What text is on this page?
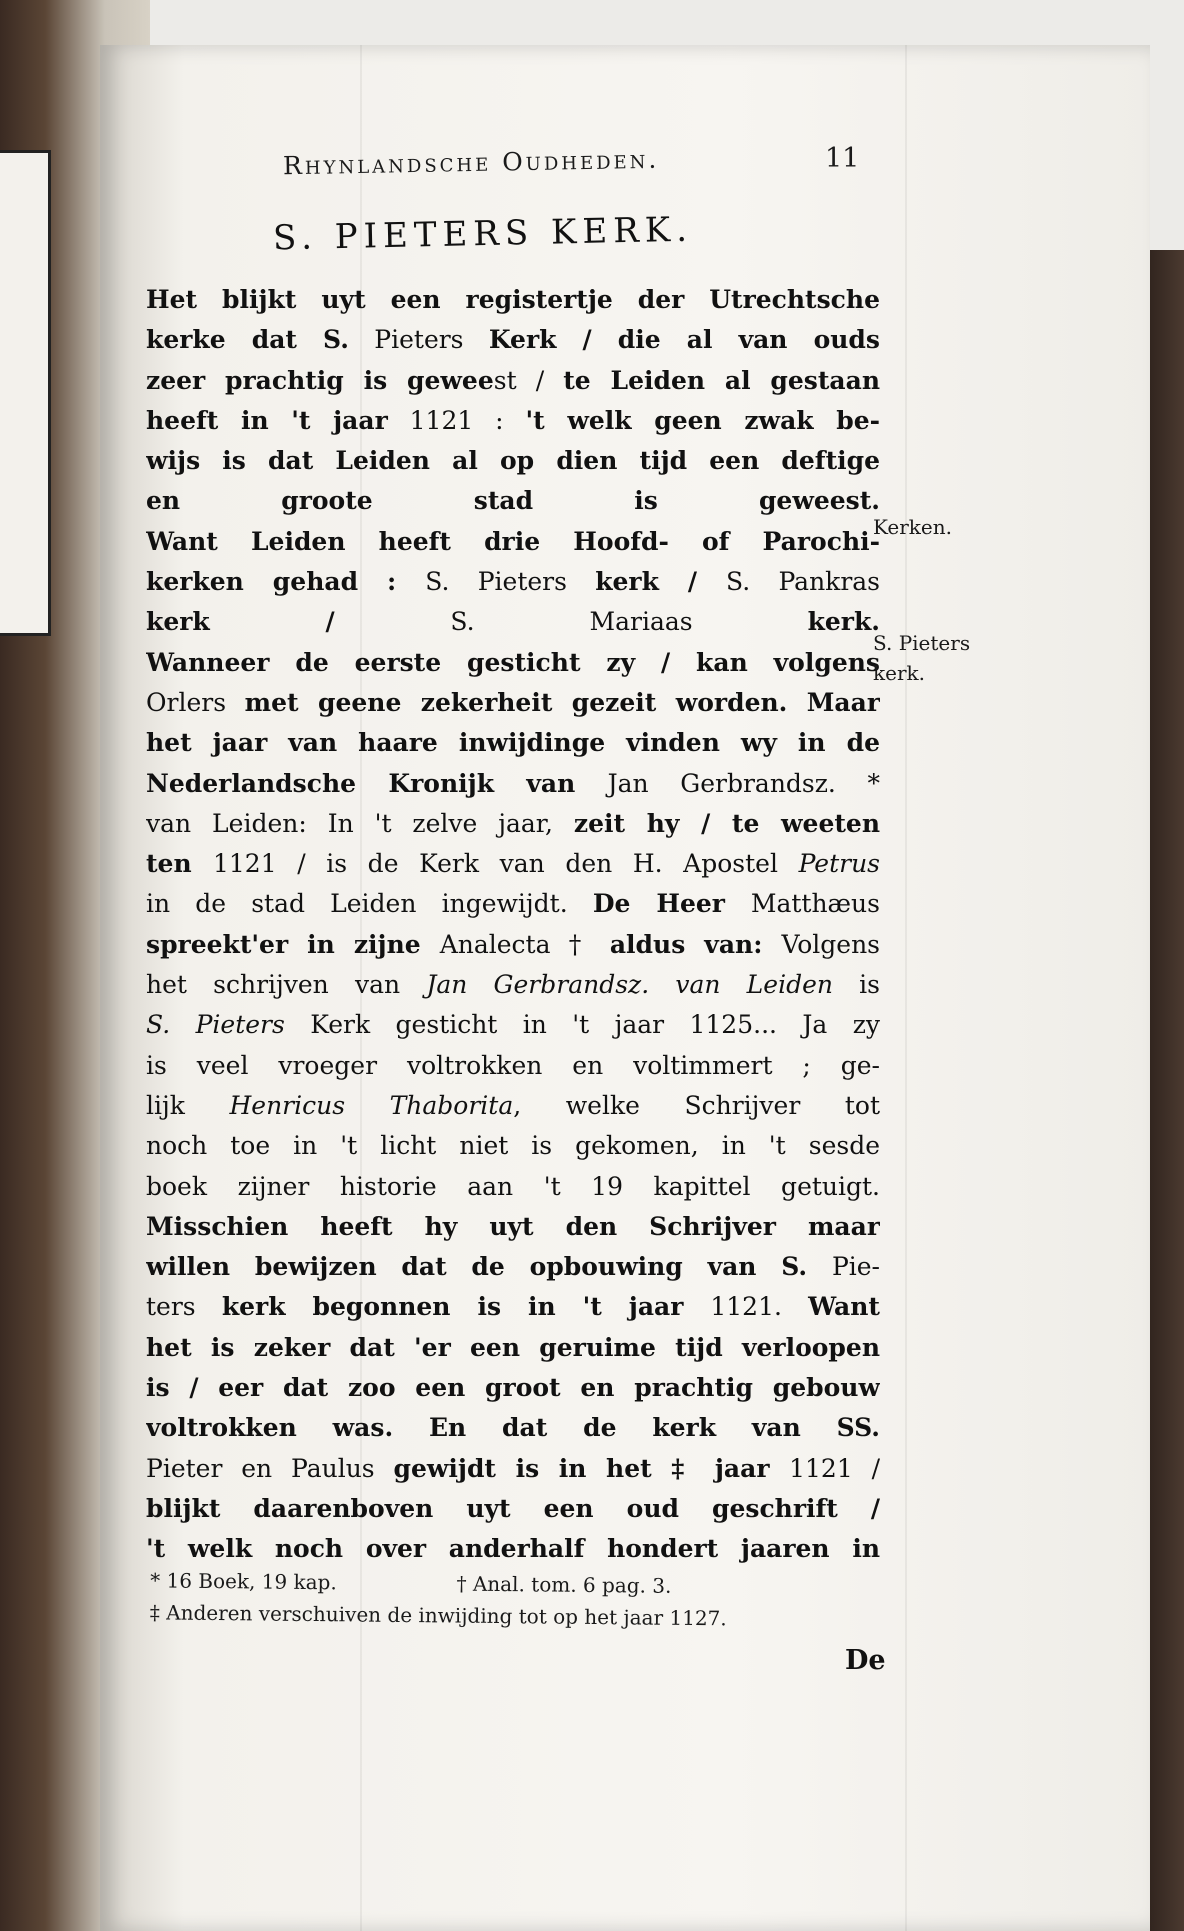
Rhynlandsche Oudheden.	11
S. PIETERS KERK.
Het blijkt uyt een registertje der Utrechtsche
kerke dat S. Pieters Kerk / die al van ouds
zeer prachtig is geweest / te Leiden al gestaan
heeft in 't jaar 1121 : 't welk geen zwak be-
wijs is dat Leiden al op dien tijd een deftige
en groote stad is geweest.
Want Leiden heeft drie Hoofd- of Parochi-
kerken gehad : S. Pieters kerk / S. Pankras
kerk / S. Mariaas kerk.
Wanneer de eerste gesticht zy / kan volgens
Orlers met geene zekerheit gezeit worden. Maar
het jaar van haare inwijdinge vinden wy in de
Nederlandsche Kronijk van Jan Gerbrandsz. *
van Leiden: In 't zelve jaar, zeit hy / te weeten
ten 1121 / is de Kerk van den H. Apostel Petrus
in de stad Leiden ingewijdt. De Heer Matthæus
spreekt'er in zijne Analecta † aldus van: Volgens
het schrijven van Jan Gerbrandsz. van Leiden is
S. Pieters Kerk gesticht in 't jaar 1125... Ja zy
is veel vroeger voltrokken en voltimmert ; ge-
lijk Henricus Thaborita, welke Schrijver tot
noch toe in 't licht niet is gekomen, in 't sesde
boek zijner historie aan 't 19 kapittel getuigt.
Misschien heeft hy uyt den Schrijver maar
willen bewijzen dat de opbouwing van S. Pie-
ters kerk begonnen is in 't jaar 1121. Want
het is zeker dat 'er een geruime tijd verloopen
is / eer dat zoo een groot en prachtig gebouw
voltrokken was. En dat de kerk van SS.
Pieter en Paulus gewijdt is in het ‡ jaar 1121 /
blijkt daarenboven uyt een oud geschrift /
't welk noch over anderhalf hondert jaaren in
Kerken.
S. Pieters
kerk.
* 16 Boek, 19 kap.	† Anal. tom. 6 pag. 3.
‡ Anderen verschuiven de inwijding tot op het jaar 1127.
De
